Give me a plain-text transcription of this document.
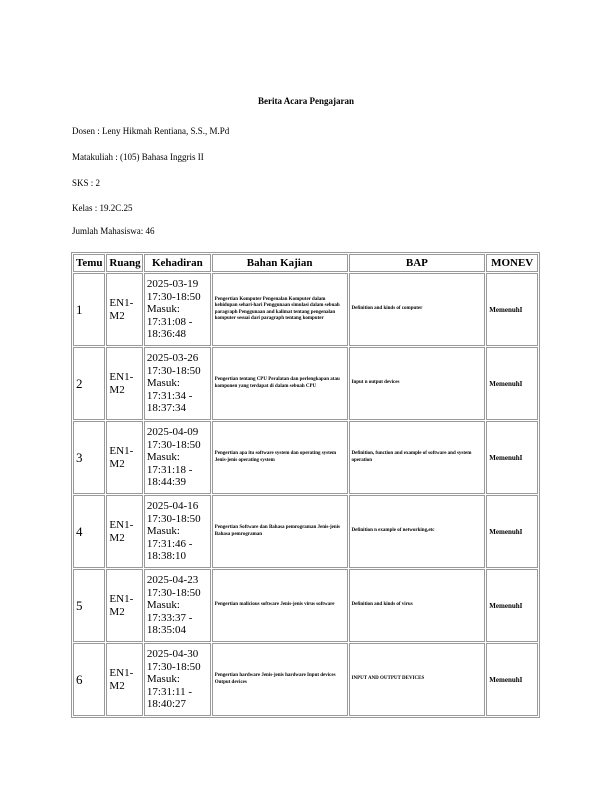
Berita Acara Pengajaran
Dosen : Leny Hikmah Rentiana, S.S., M.Pd
Matakuliah : (105) Bahasa Inggris II
SKS : 2
Kelas : 19.2C.25
Jumlah Mahasiswa: 46
Temu	Ruang	Kehadiran	Bahan Kajian	BAP	MONEV
1	EN1-M2	2025-03-19
17:30-18:50
Masuk:
17:31:08 -
18:36:48	Pengertian Komputer Pengenalan Komputer dalam kehidupan sehari-hari Penggunaan simulasi dalam sebuah paragraph Penggunaan and kalimat tentang pengenalan komputer sesuai dari paragraph tentang komputer	Definition and kinds of computer	MemenuhI
2	EN1-M2	2025-03-26
17:30-18:50
Masuk:
17:31:34 -
18:37:34	Pengertian tentang CPU Peralatan dan perlengkapan atau komponen yang terdapat di dalam sebuah CPU	Input n output devices	MemenuhI
3	EN1-M2	2025-04-09
17:30-18:50
Masuk:
17:31:18 -
18:44:39	Pengertian apa itu software system dan operating system Jenis-jenis operating system	Definition, function and example of software and system operation	MemenuhI
4	EN1-M2	2025-04-16
17:30-18:50
Masuk:
17:31:46 -
18:38:10	Pengertian Software dan Bahasa pemrograman Jenis-jenis Bahasa pemrograman	Definition n example of networking,etc	MemenuhI
5	EN1-M2	2025-04-23
17:30-18:50
Masuk:
17:33:37 -
18:35:04	Pengertian malicious software Jenis-jenis virus software	Definition and kinds of virus	MemenuhI
6	EN1-M2	2025-04-30
17:30-18:50
Masuk:
17:31:11 -
18:40:27	Pengertian hardware Jenis-jenis hardware Input devices Output devices	INPUT AND OUTPUT DEVICES	MemenuhI
